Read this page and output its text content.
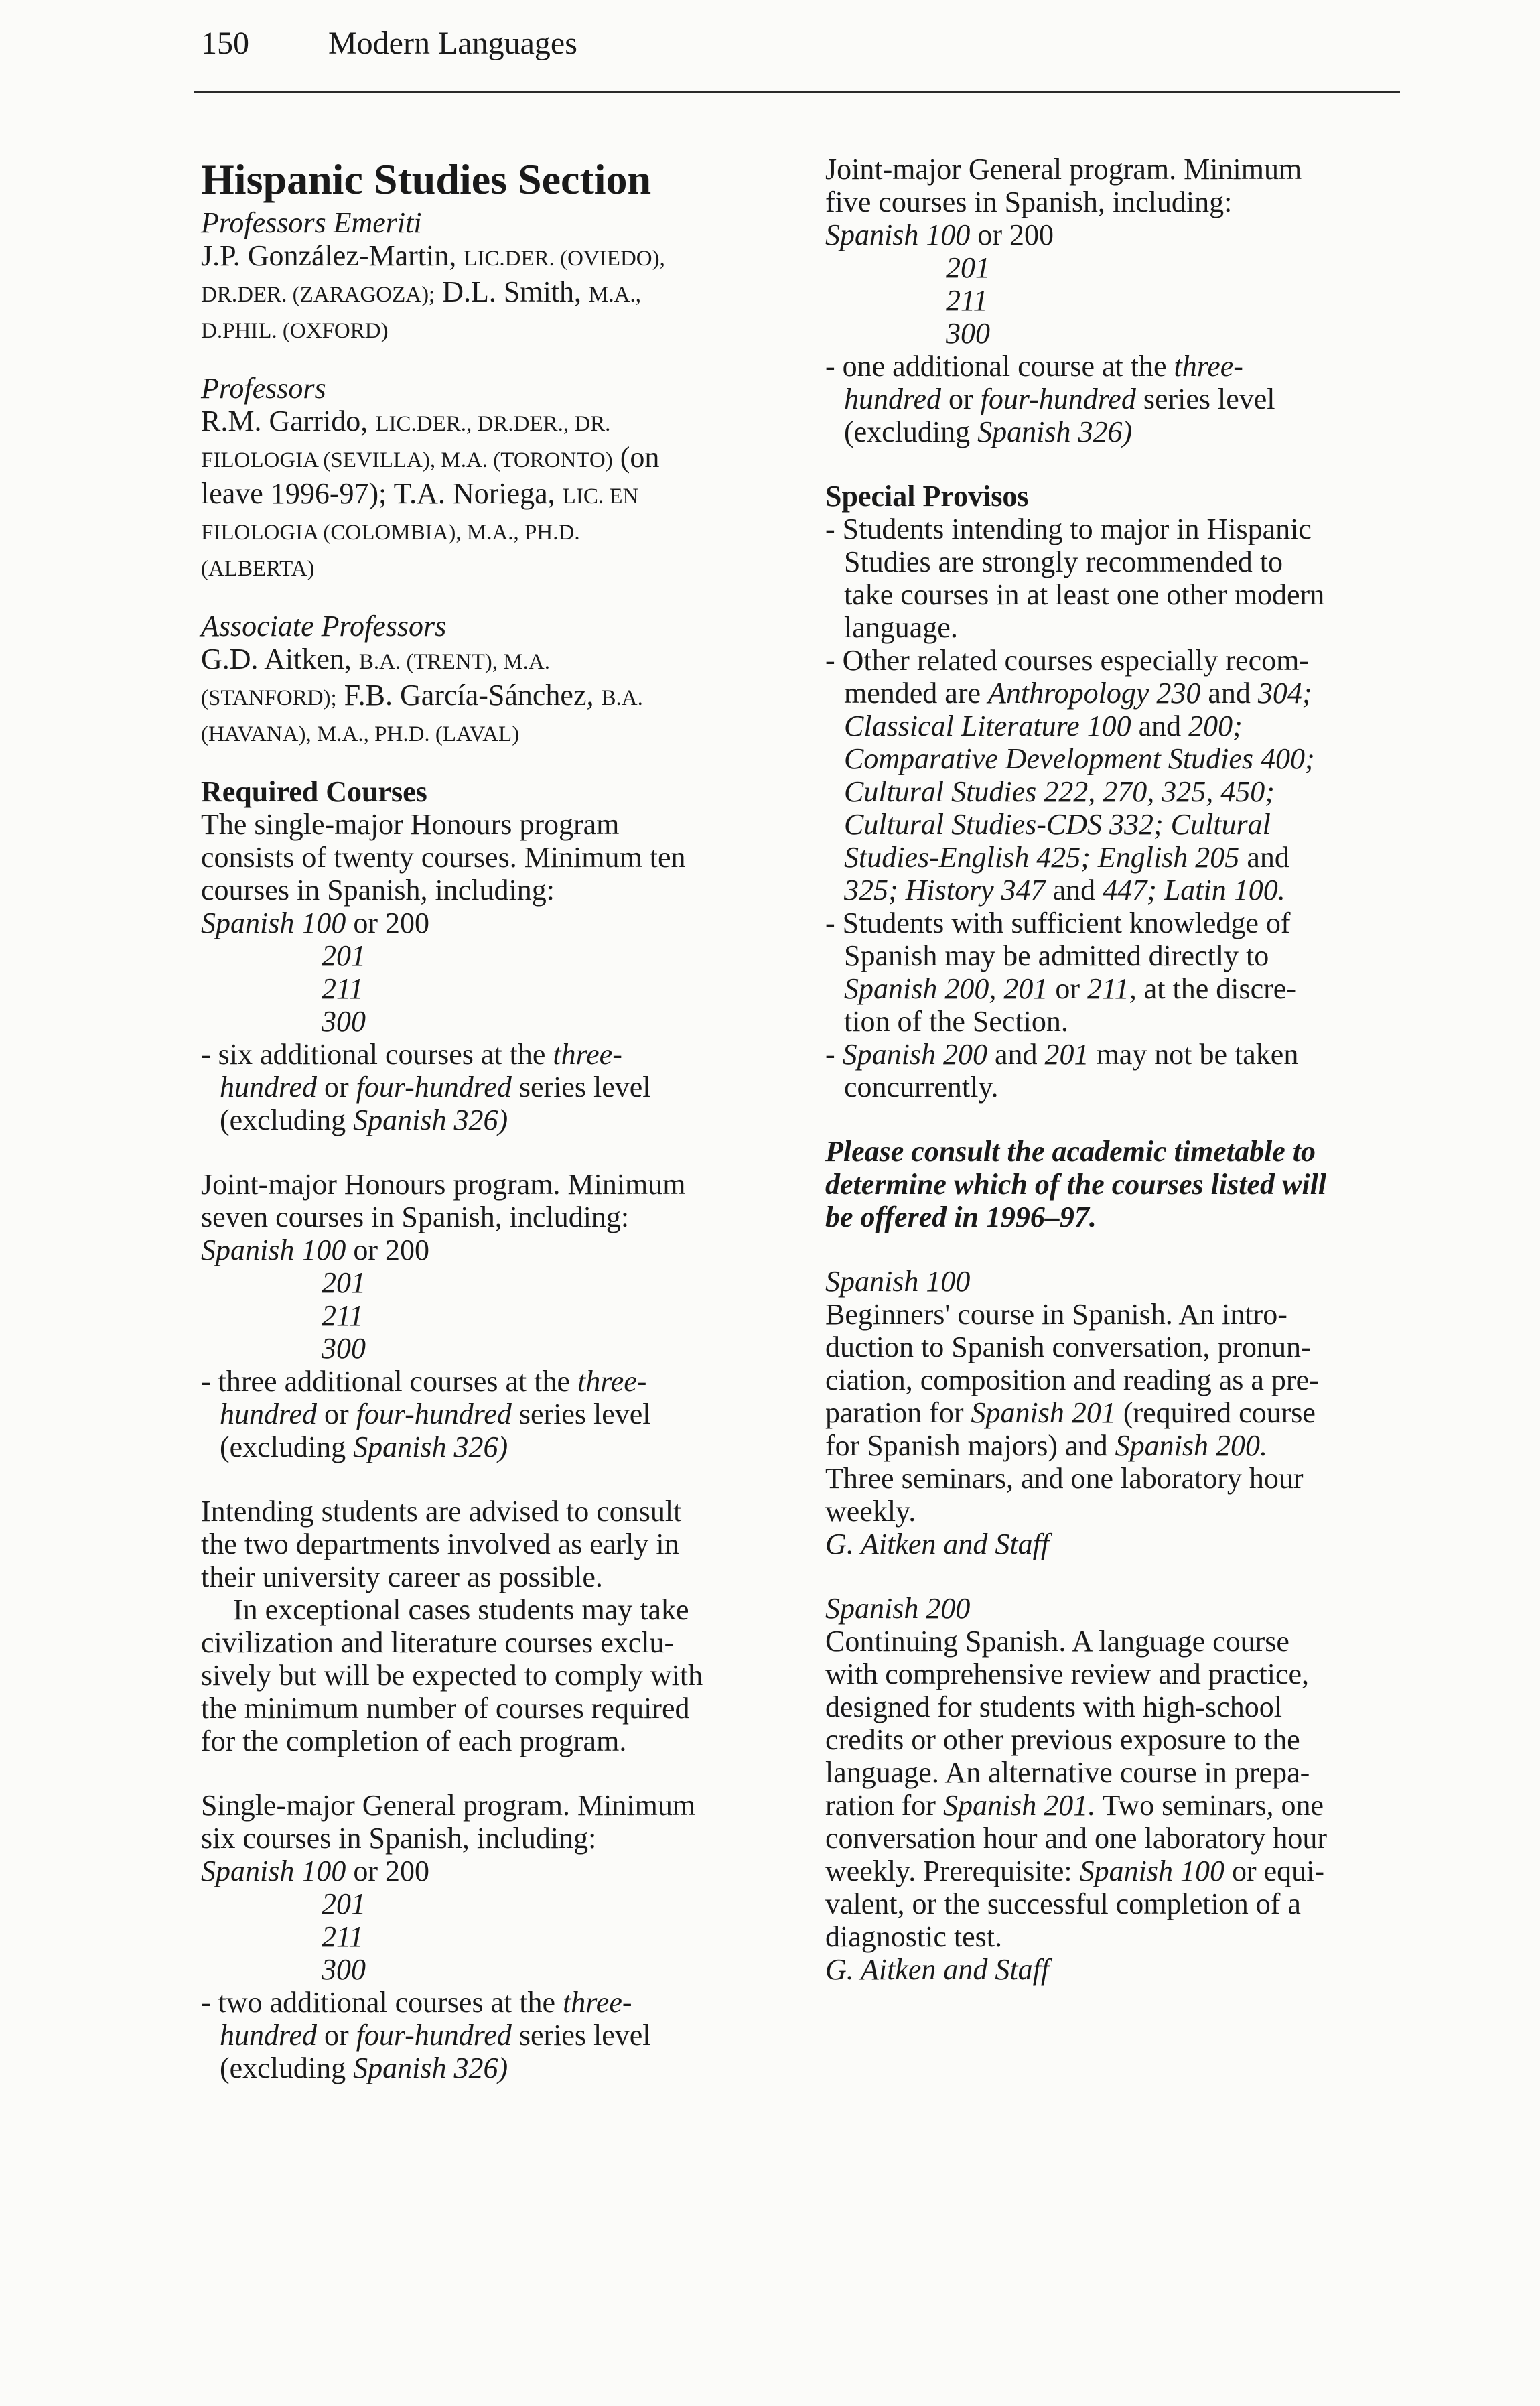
150 Modern Languages

Hispanic Studies Section

Professors Emeriti

J.P. González-Martin, LIC.DER. (OVIEDO),

DR.DER. (ZARAGOZA); D.L. Smith, M.A.,

D.PHIL. (OXFORD)

Professors

R.M. Garrido, LIC.DER., DR.DER., DR.

FILOLOGIA (SEVILLA), M.A. (TORONTO) (on

leave 1996-97); T.A. Noriega, LIC. EN

FILOLOGIA (COLOMBIA), M.A., PH.D.

(ALBERTA)

Associate Professors

G.D. Aitken, B.A. (TRENT), M.A.

(STANFORD); F.B. García-Sánchez, B.A.

(HAVANA), M.A., PH.D. (LAVAL)

Required Courses

The single-major Honours program

consists of twenty courses. Minimum ten

courses in Spanish, including:

Spanish 100 or 200

201

211

300

- six additional courses at the three-

hundred or four-hundred series level

(excluding Spanish 326)

Joint-major Honours program. Minimum

seven courses in Spanish, including:

Spanish 100 or 200

201

211

300

- three additional courses at the three-

hundred or four-hundred series level

(excluding Spanish 326)

Intending students are advised to consult

the two departments involved as early in

their university career as possible.

In exceptional cases students may take

civilization and literature courses exclu-

sively but will be expected to comply with

the minimum number of courses required

for the completion of each program.

Single-major General program. Minimum

six courses in Spanish, including:

Spanish 100 or 200

201

211

300

- two additional courses at the three-

hundred or four-hundred series level

(excluding Spanish 326)

Joint-major General program. Minimum

five courses in Spanish, including:

Spanish 100 or 200

201

211

300

- one additional course at the three-

hundred or four-hundred series level

(excluding Spanish 326)

Special Provisos

- Students intending to major in Hispanic

Studies are strongly recommended to

take courses in at least one other modern

language.

- Other related courses especially recom-

mended are Anthropology 230 and 304;

Classical Literature 100 and 200;

Comparative Development Studies 400;

Cultural Studies 222, 270, 325, 450;

Cultural Studies-CDS 332; Cultural

Studies-English 425; English 205 and

325; History 347 and 447; Latin 100.

- Students with sufficient knowledge of

Spanish may be admitted directly to

Spanish 200, 201 or 211, at the discre-

tion of the Section.

- Spanish 200 and 201 may not be taken

concurrently.

Please consult the academic timetable to

determine which of the courses listed will

be offered in 1996–97.

Spanish 100

Beginners' course in Spanish. An intro-

duction to Spanish conversation, pronun-

ciation, composition and reading as a pre-

paration for Spanish 201 (required course

for Spanish majors) and Spanish 200.

Three seminars, and one laboratory hour

weekly.

G. Aitken and Staff

Spanish 200

Continuing Spanish. A language course

with comprehensive review and practice,

designed for students with high-school

credits or other previous exposure to the

language. An alternative course in prepa-

ration for Spanish 201. Two seminars, one

conversation hour and one laboratory hour

weekly. Prerequisite: Spanish 100 or equi-

valent, or the successful completion of a

diagnostic test.

G. Aitken and Staff
